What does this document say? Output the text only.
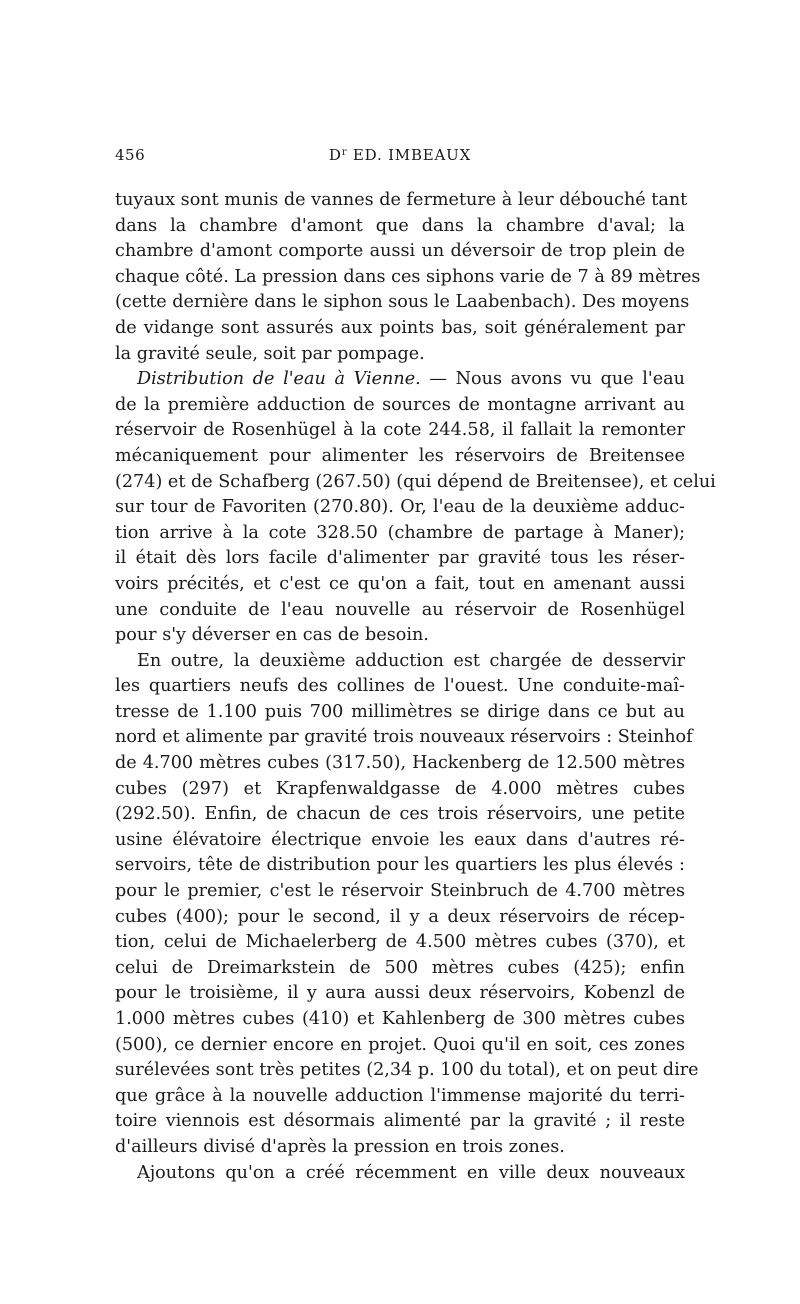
456	$D^r$ ED. IMBEAUX
tuyaux sont munis de vannes de fermeture à leur débouché tant
dans la chambre d'amont que dans la chambre d'aval; la
chambre d'amont comporte aussi un déversoir de trop plein de
chaque côté. La pression dans ces siphons varie de 7 à 89 mètres
(cette dernière dans le siphon sous le Laabenbach). Des moyens
de vidange sont assurés aux points bas, soit généralement par
la gravité seule, soit par pompage.
Distribution de l'eau à Vienne. — Nous avons vu que l'eau
de la première adduction de sources de montagne arrivant au
réservoir de Rosenhügel à la cote 244.58, il fallait la remonter
mécaniquement pour alimenter les réservoirs de Breitensee
(274) et de Schafberg (267.50) (qui dépend de Breitensee), et celui
sur tour de Favoriten (270.80). Or, l'eau de la deuxième adduc-
tion arrive à la cote 328.50 (chambre de partage à Maner);
il était dès lors facile d'alimenter par gravité tous les réser-
voirs précités, et c'est ce qu'on a fait, tout en amenant aussi
une conduite de l'eau nouvelle au réservoir de Rosenhügel
pour s'y déverser en cas de besoin.
En outre, la deuxième adduction est chargée de desservir
les quartiers neufs des collines de l'ouest. Une conduite-maî-
tresse de 1.100 puis 700 millimètres se dirige dans ce but au
nord et alimente par gravité trois nouveaux réservoirs : Steinhof
de 4.700 mètres cubes (317.50), Hackenberg de 12.500 mètres
cubes (297) et Krapfenwaldgasse de 4.000 mètres cubes
(292.50). Enfin, de chacun de ces trois réservoirs, une petite
usine élévatoire électrique envoie les eaux dans d'autres ré-
servoirs, tête de distribution pour les quartiers les plus élevés :
pour le premier, c'est le réservoir Steinbruch de 4.700 mètres
cubes (400); pour le second, il y a deux réservoirs de récep-
tion, celui de Michaelerberg de 4.500 mètres cubes (370), et
celui de Dreimarkstein de 500 mètres cubes (425); enfin
pour le troisième, il y aura aussi deux réservoirs, Kobenzl de
1.000 mètres cubes (410) et Kahlenberg de 300 mètres cubes
(500), ce dernier encore en projet. Quoi qu'il en soit, ces zones
surélevées sont très petites (2,34 p. 100 du total), et on peut dire
que grâce à la nouvelle adduction l'immense majorité du terri-
toire viennois est désormais alimenté par la gravité ; il reste
d'ailleurs divisé d'après la pression en trois zones.
Ajoutons qu'on a créé récemment en ville deux nouveaux
